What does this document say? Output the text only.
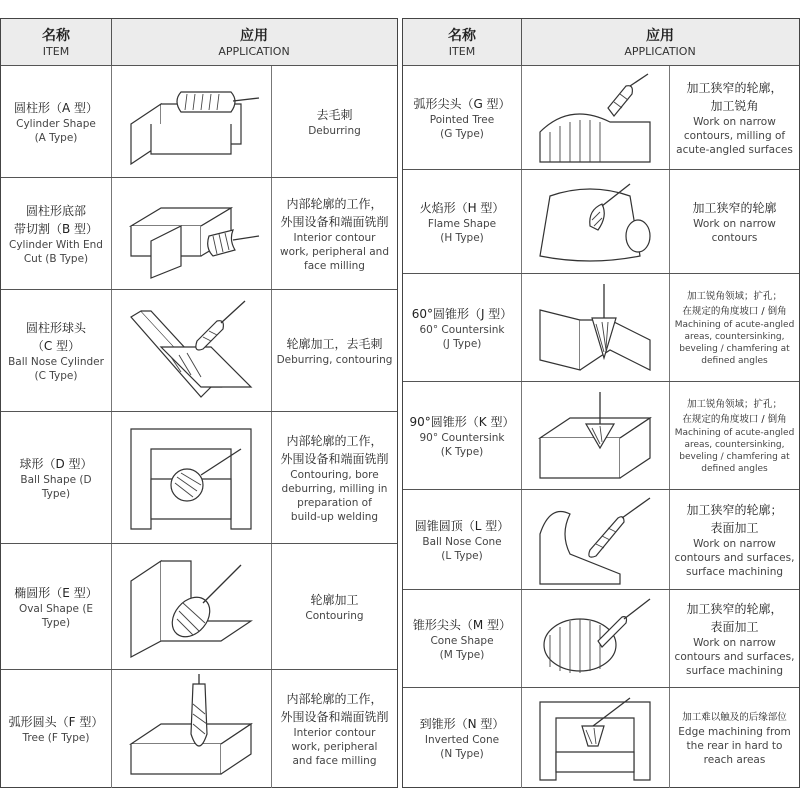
名称
ITEM
应用
APPLICATION
圆柱形（A 型）
Cylinder Shape
(A Type)
去毛刺
Deburring
圆柱形底部
带切割（B 型）
Cylinder With End
Cut (B Type)
内部轮廓的工作，
外围设备和端面铣削
Interior contour
work, peripheral and
face milling
圆柱形球头
（C 型）
Ball Nose Cylinder
(C Type)
轮廓加工，去毛刺
Deburring, contouring
球形（D 型）
Ball Shape (D Type)
内部轮廓的工作，
外围设备和端面铣削
Contouring, bore
deburring, milling in
preparation of
build-up welding
椭圆形（E 型）
Oval Shape (E Type)
轮廓加工
Contouring
弧形圆头（F 型）
Tree (F Type)
内部轮廓的工作，
外围设备和端面铣削
Interior contour
work, peripheral
and face milling
名称
ITEM
应用
APPLICATION
弧形尖头（G 型）
Pointed Tree
(G Type)
加工狭窄的轮廓，
加工锐角
Work on narrow
contours, milling of
acute-angled surfaces
火焰形（H 型）
Flame Shape
(H Type)
加工狭窄的轮廓
Work on narrow
contours
60°圆锥形（J 型）
60° Countersink
(J Type)
加工锐角领域；扩孔；
在规定的角度坡口 / 倒角
Machining of acute-angled
areas, countersinking,
beveling / chamfering at
defined angles
90°圆锥形（K 型）
90° Countersink
(K Type)
加工锐角领域；扩孔；
在规定的角度坡口 / 倒角
Machining of acute-angled
areas, countersinking,
beveling / chamfering at
defined angles
圆锥圆顶（L 型）
Ball Nose Cone
(L Type)
加工狭窄的轮廓；
表面加工
Work on narrow
contours and surfaces,
surface machining
锥形尖头（M 型）
Cone Shape
(M Type)
加工狭窄的轮廓，
表面加工
Work on narrow
contours and surfaces,
surface machining
到锥形（N 型）
Inverted Cone
(N Type)
加工难以触及的后缘部位
Edge machining from
the rear in hard to
reach areas
